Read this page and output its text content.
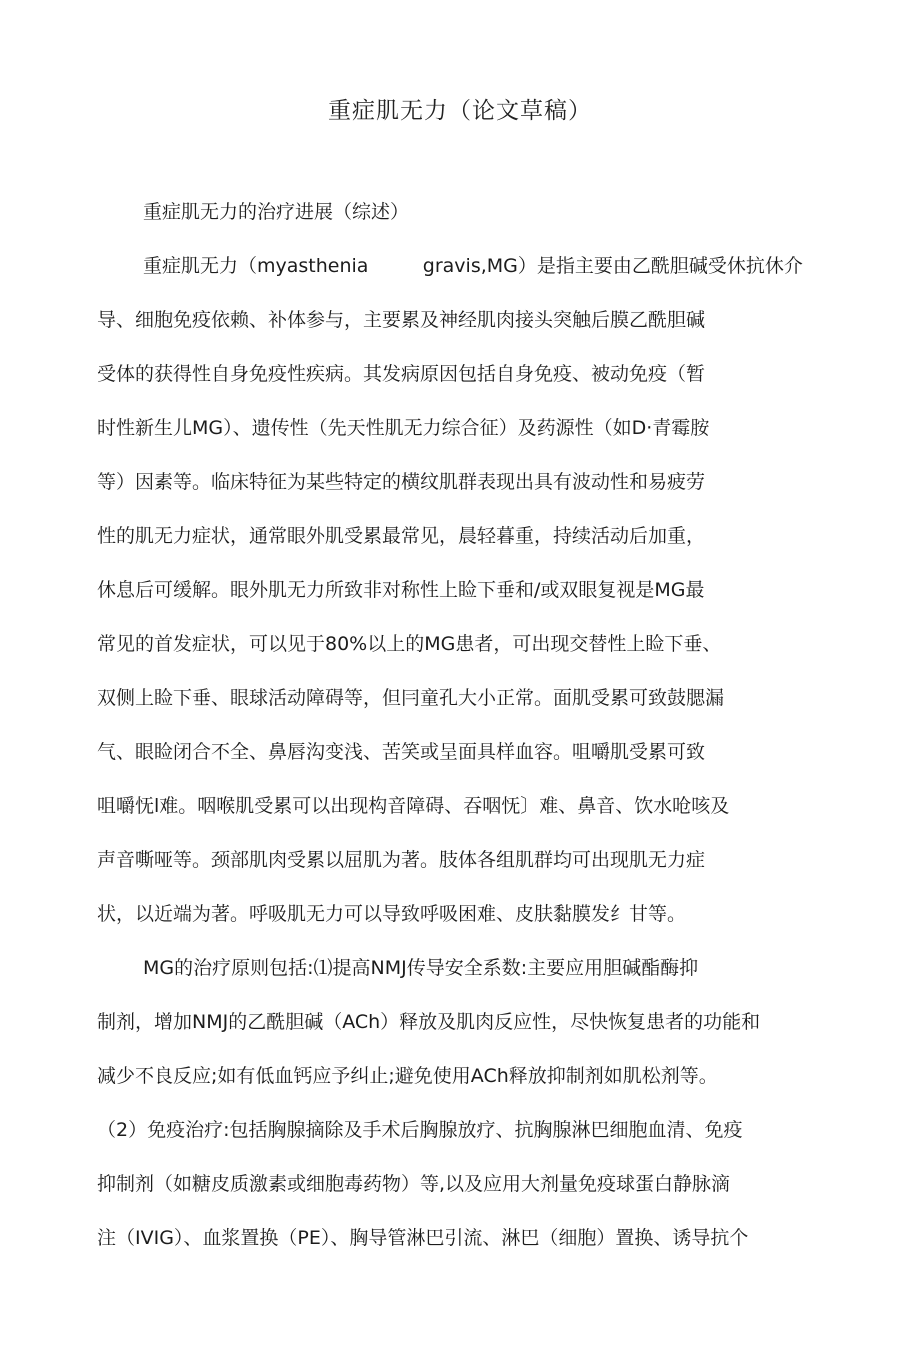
重症肌无力（论文草稿）
重症肌无力的治疗进展（综述）
重症肌无力（myasthenia         gravis,MG）是指主要由乙酰胆碱受休抗休介
导、细胞免疫依赖、补体参与，主要累及神经肌肉接头突触后膜乙酰胆碱
受体的获得性自身免疫性疾病。其发病原因包括自身免疫、被动免疫（暂
时性新生儿MG）、遗传性（先天性肌无力综合征）及药源性（如D·青霉胺
等）因素等。临床特征为某些特定的横纹肌群表现出具有波动性和易疲劳
性的肌无力症状，通常眼外肌受累最常见，晨轻暮重，持续活动后加重，
休息后可缓解。眼外肌无力所致非对称性上睑下垂和/或双眼复视是MG最
常见的首发症状，可以见于80%以上的MG患者，可出现交替性上睑下垂、
双侧上睑下垂、眼球活动障碍等，但冃童孔大小正常。面肌受累可致鼓腮漏
气、眼睑闭合不全、鼻唇沟变浅、苦笑或呈面具样血容。咀嚼肌受累可致
咀嚼怃l难。咽喉肌受累可以出现构音障碍、吞咽怃〕难、鼻音、饮水呛咳及
声音嘶哑等。颈部肌肉受累以屈肌为著。肢体各组肌群均可出现肌无力症
状，以近端为著。呼吸肌无力可以导致呼吸困难、皮肤黏膜发纟甘等。
MG的治疗原则包括:⑴提高NMJ传导安全系数:主要应用胆碱酯酶抑
制剂，增加NMJ的乙酰胆碱（ACh）释放及肌肉反应性，尽快恢复患者的功能和
减少不良反应;如有低血钙应予纠止;避免使用ACh释放抑制剂如肌松剂等。
（2）免疫治疗:包括胸腺摘除及手术后胸腺放疗、抗胸腺淋巴细胞血清、免疫
抑制剂（如糖皮质激素或细胞毒药物）等,以及应用大剂量免疫球蛋白静脉滴
注（IVIG）、血浆置换（PE）、胸导管淋巴引流、淋巴（细胞）置换、诱导抗个
